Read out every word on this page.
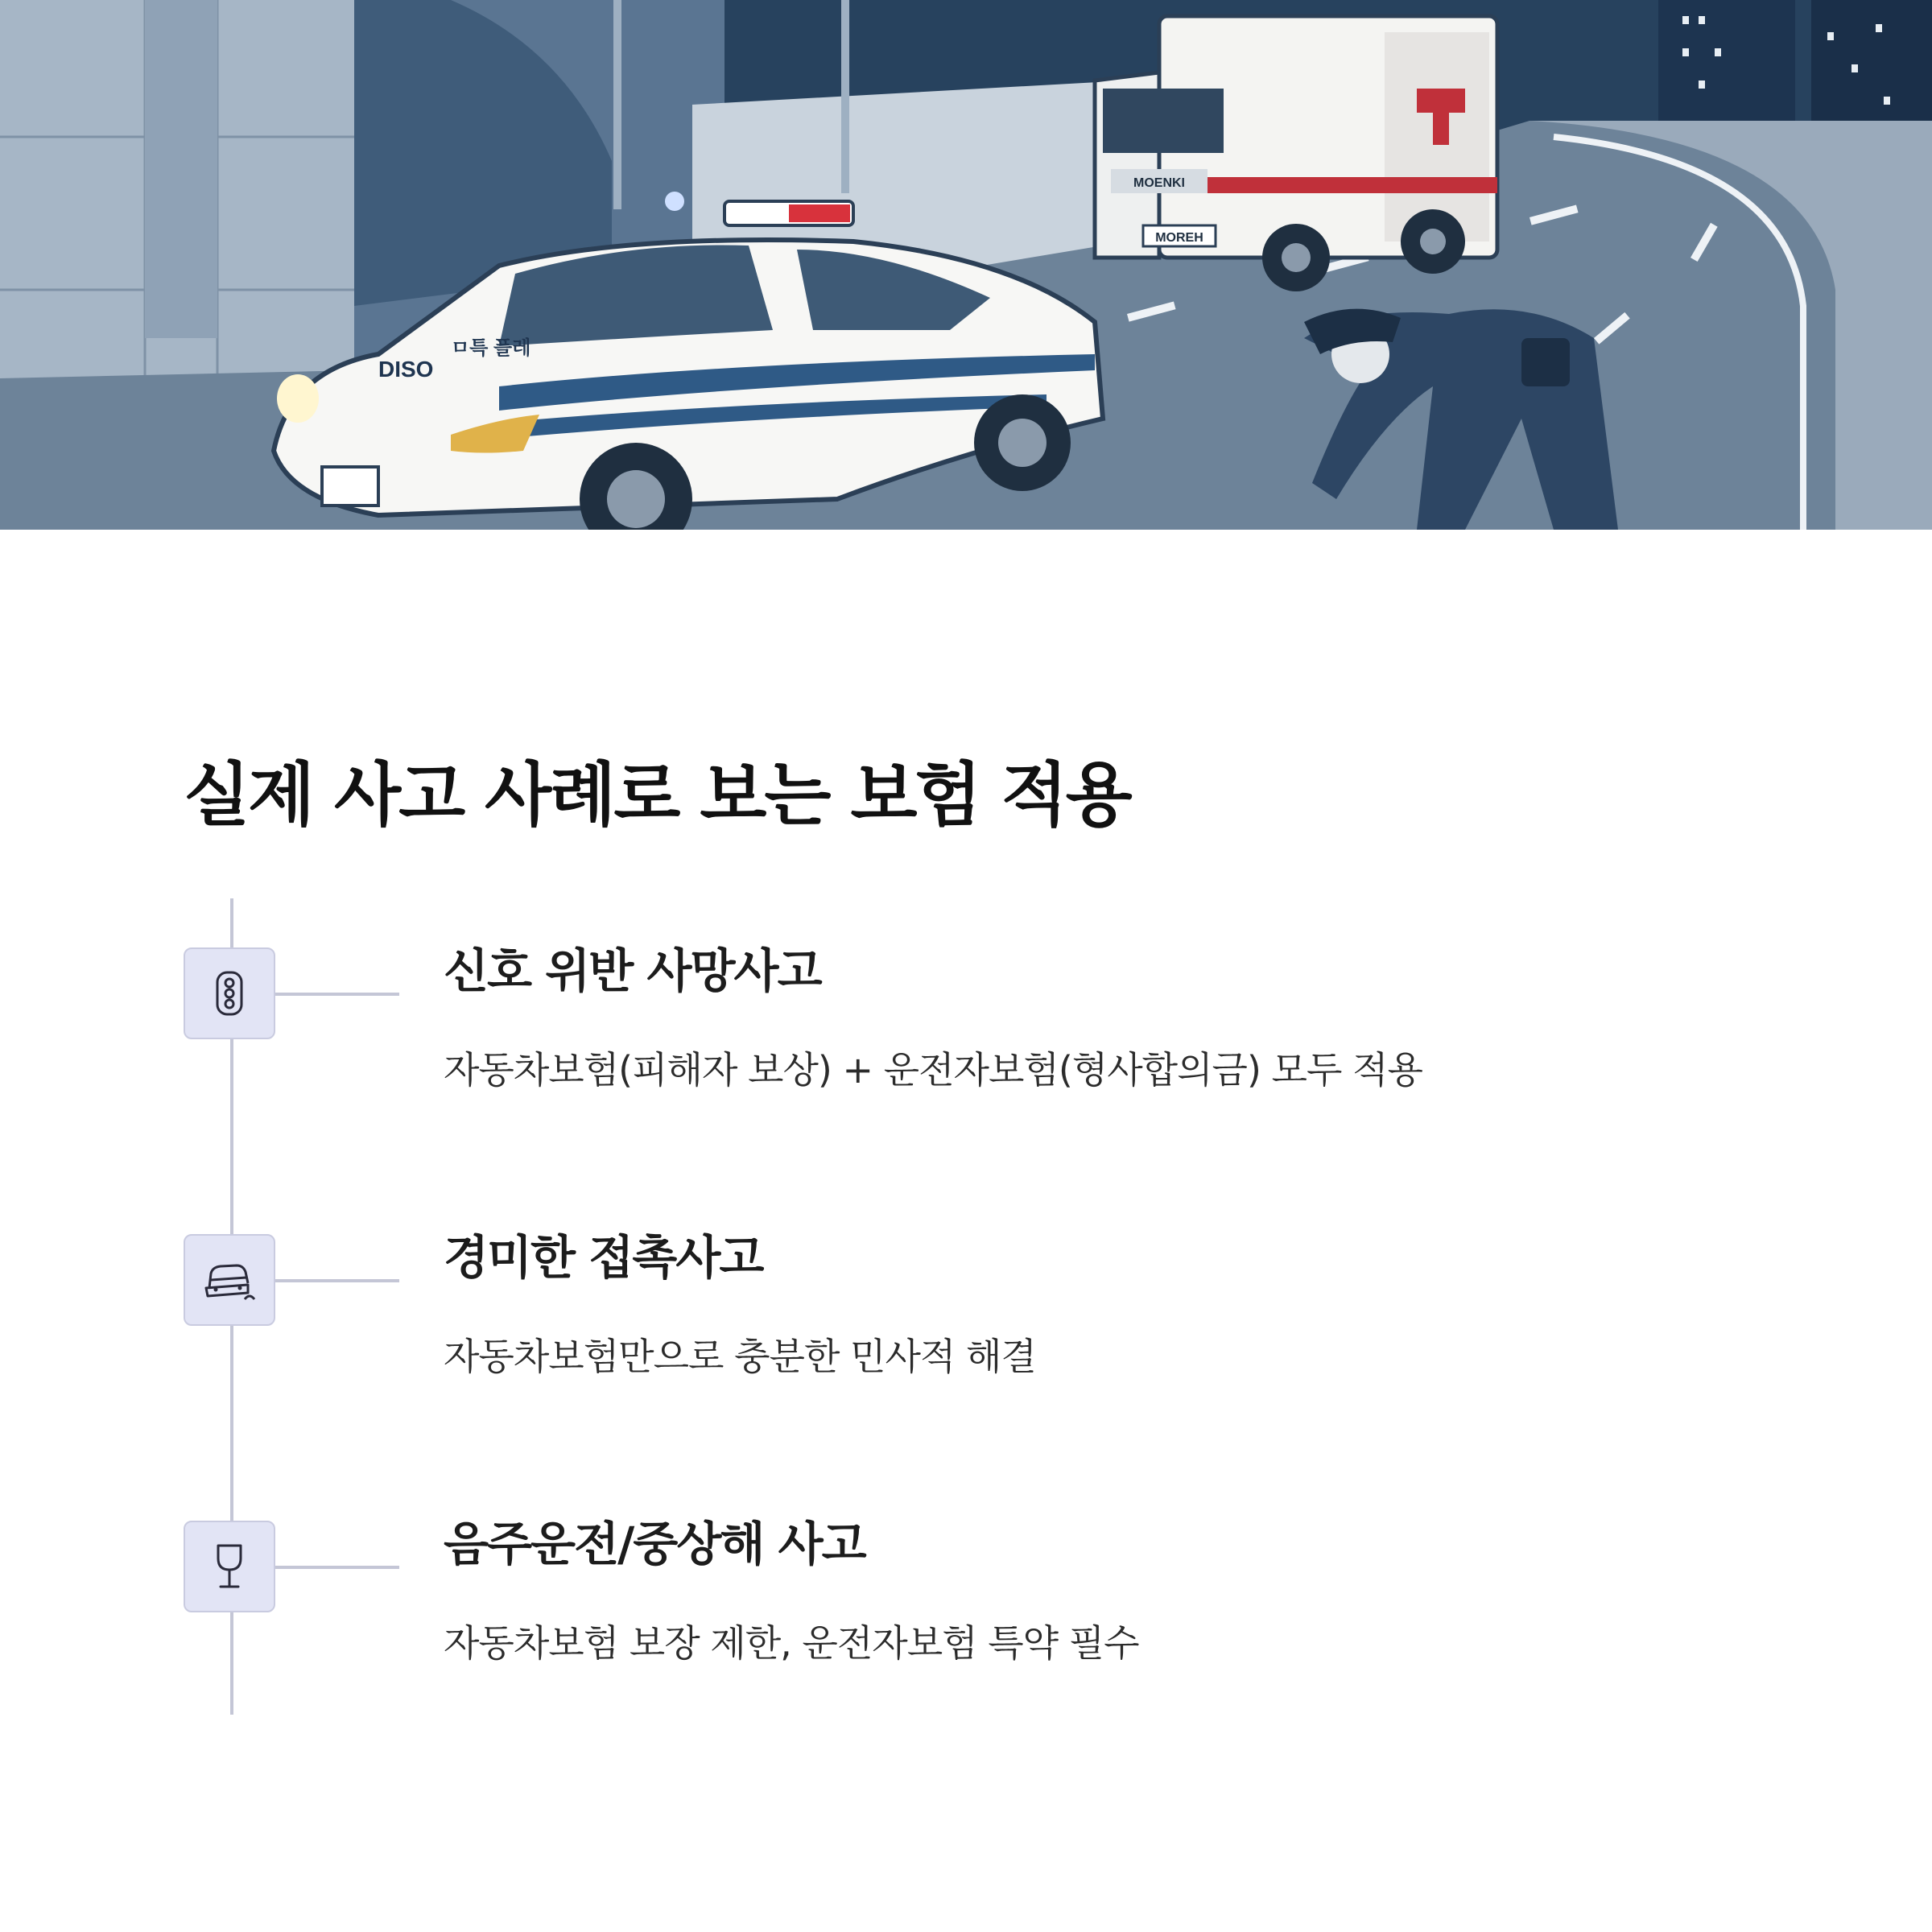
MOENKI
MOREH
ㅁ특 플레
DISO
실제 사고 사례로 보는 보험 적용
신호 위반 사망사고

자동차보험(피해자 보상) + 운전자보험(형사합의금) 모두 적용

경미한 접촉사고

자동차보험만으로 충분한 민사적 해결

음주운전/중상해 사고

자동차보험 보장 제한, 운전자보험 특약 필수
